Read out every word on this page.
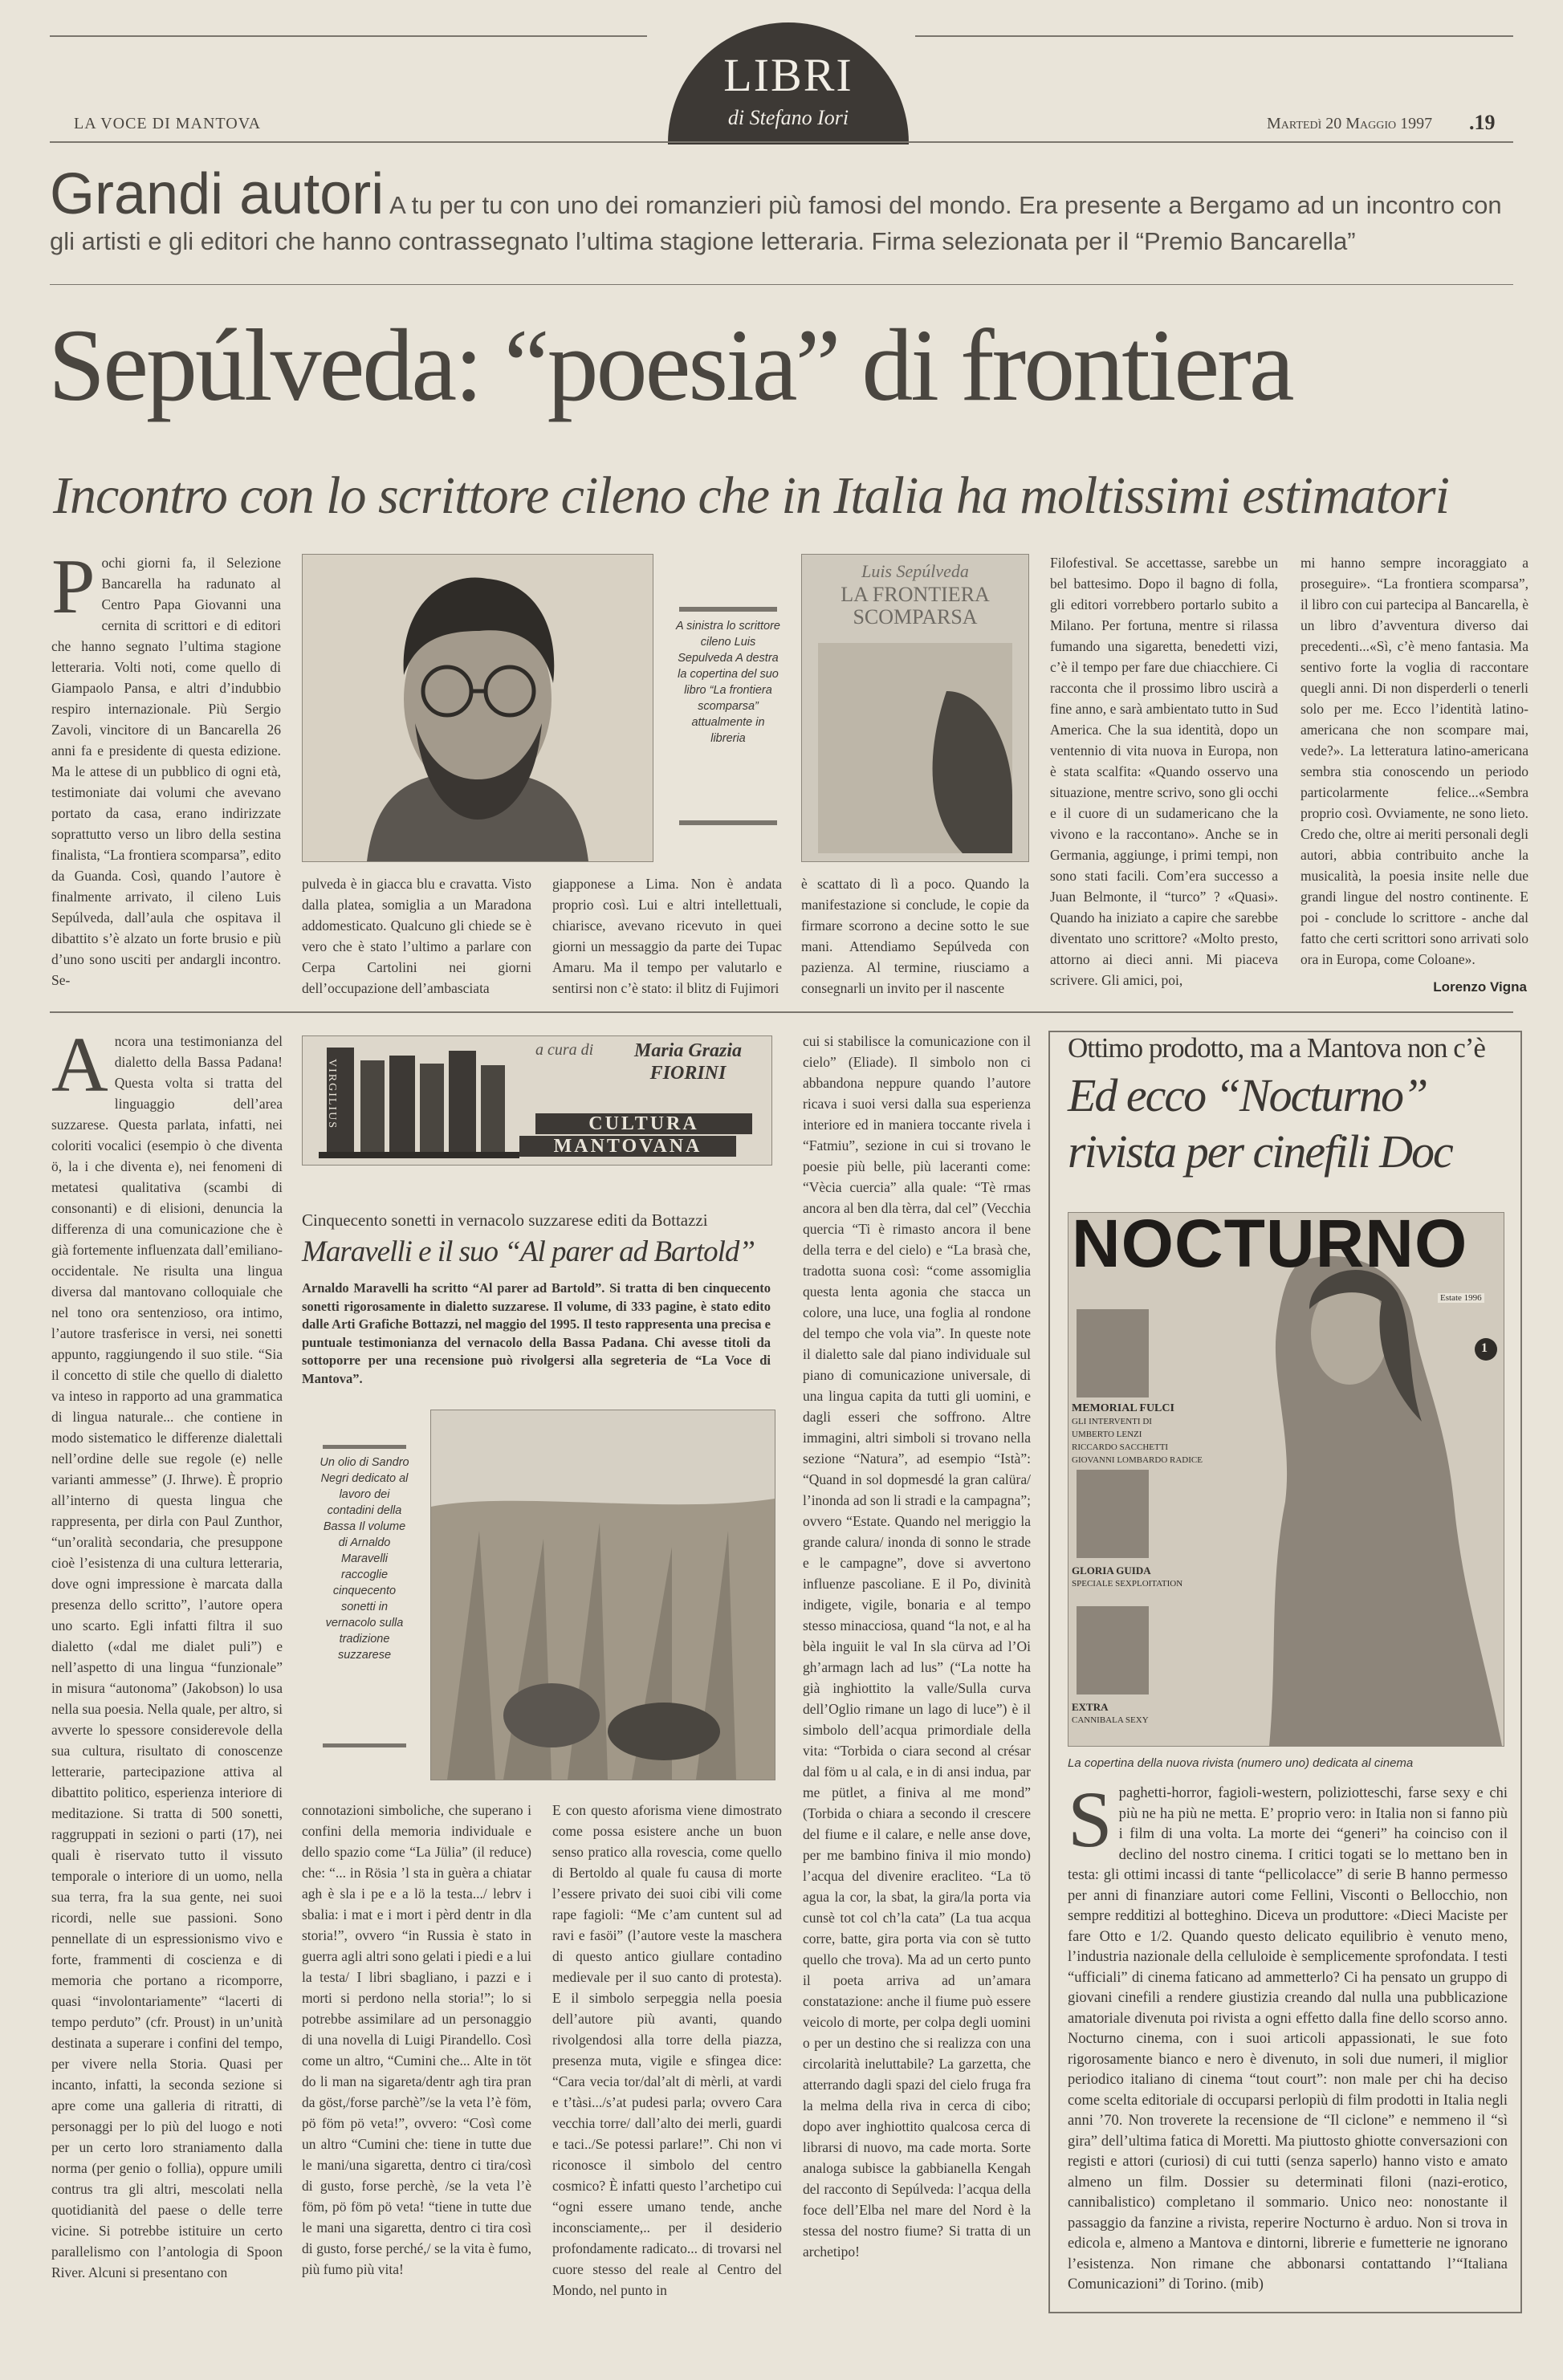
LA VOCE DI MANTOVA
LIBRI
di Stefano Iori	Martedì 20 Maggio 1997 .19
Grandi autori A tu per tu con uno dei romanzieri più famosi del mondo. Era presente a Bergamo ad un incontro con gli artisti e gli editori che hanno contrassegnato l’ultima stagione letteraria. Firma selezionata per il “Premio Bancarella”
Sepúlveda: “poesia” di frontiera
Incontro con lo scrittore cileno che in Italia ha moltissimi estimatori
P ochi giorni fa, il Selezione Bancarella ha radunato al Centro Papa Giovanni una cernita di scrittori e di editori che hanno segnato l’ultima stagione letteraria. Volti noti, come quello di Giampaolo Pansa, e altri d’indubbio respiro internazionale. Più Sergio Zavoli, vincitore di un Bancarella 26 anni fa e presidente di questa edizione. Ma le attese di un pubblico di ogni età, testimoniate dai volumi che avevano portato da casa, erano indirizzate soprattutto verso un libro della sestina finalista, “La frontiera scomparsa”, edito da Guanda. Così, quando l’autore è finalmente arrivato, il cileno Luis Sepúlveda, dall’aula che ospitava il dibattito s’è alzato un forte brusio e più d’uno sono usciti per andargli incontro. Se-
A sinistra lo scrittore cileno Luis Sepulveda A destra la copertina del suo libro “La frontiera scomparsa” attualmente in libreria
Luis Sepúlveda
LA FRONTIERA SCOMPARSA
pulveda è in giacca blu e cravatta. Visto dalla platea, somiglia a un Maradona addomesticato. Qualcuno gli chiede se è vero che è stato l’ultimo a parlare con Cerpa Cartolini nei giorni dell’occupazione dell’ambasciata
giapponese a Lima. Non è andata proprio così. Lui e altri intellettuali, chiarisce, avevano ricevuto in quei giorni un messaggio da parte dei Tupac Amaru. Ma il tempo per valutarlo e sentirsi non c’è stato: il blitz di Fujimori
è scattato di lì a poco. Quando la manifestazione si conclude, le copie da firmare scorrono a decine sotto le sue mani. Attendiamo Sepúlveda con pazienza. Al termine, riusciamo a consegnarli un invito per il nascente
Filofestival. Se accettasse, sarebbe un bel battesimo. Dopo il bagno di folla, gli editori vorrebbero portarlo subito a Milano. Per fortuna, mentre si rilassa fumando una sigaretta, benedetti vizi, c’è il tempo per fare due chiacchiere. Ci racconta che il prossimo libro uscirà a fine anno, e sarà ambientato tutto in Sud America. Che la sua identità, dopo un ventennio di vita nuova in Europa, non è stata scalfita: «Quando osservo una situazione, mentre scrivo, sono gli occhi e il cuore di un sudamericano che la vivono e la raccontano». Anche se in Germania, aggiunge, i primi tempi, non sono stati facili. Com’era successo a Juan Belmonte, il “turco” ? «Quasi». Quando ha iniziato a capire che sarebbe diventato uno scrittore? «Molto presto, attorno ai dieci anni. Mi piaceva scrivere. Gli amici, poi,
mi hanno sempre incoraggiato a proseguire». “La frontiera scomparsa”, il libro con cui partecipa al Bancarella, è un libro d’avventura diverso dai precedenti...«Sì, c’è meno fantasia. Ma sentivo forte la voglia di raccontare quegli anni. Di non disperderli o tenerli solo per me. Ecco l’identità latino-americana che non scompare mai, vede?». La letteratura latino-americana sembra stia conoscendo un periodo particolarmente felice...«Sembra proprio così. Ovviamente, ne sono lieto. Credo che, oltre ai meriti personali degli autori, abbia contribuito anche la musicalità, la poesia insite nelle due grandi lingue del nostro continente. E poi - conclude lo scrittore - anche dal fatto che certi scrittori sono arrivati solo ora in Europa, come Coloane».
Lorenzo Vigna
VIRGILIUS
a cura di	Maria Grazia FIORINI
CULTURA
MANTOVANA
A ncora una testimonianza del dialetto della Bassa Padana! Questa volta si tratta del linguaggio dell’area suzzarese. Questa parlata, infatti, nei coloriti vocalici (esempio ò che diventa ö, la i che diventa e), nei fenomeni di metatesi qualitativa (scambi di consonanti) e di elisioni, denuncia la differenza di una comunicazione che è già fortemente influenzata dall’emiliano-occidentale. Ne risulta una lingua diversa dal mantovano colloquiale che nel tono ora sentenzioso, ora intimo, l’autore trasferisce in versi, nei sonetti appunto, raggiungendo il suo stile. “Sia il concetto di stile che quello di dialetto va inteso in rapporto ad una grammatica di lingua naturale... che contiene in modo sistematico le differenze dialettali nell’ordine delle sue regole (e) nelle varianti ammesse” (J. Ihrwe). È proprio all’interno di questa lingua che rappresenta, per dirla con Paul Zunthor, “un’oralità secondaria, che presuppone cioè l’esistenza di una cultura letteraria, dove ogni impressione è marcata dalla presenza dello scritto”, l’autore opera uno scarto. Egli infatti filtra il suo dialetto («dal me dialet puli”) e nell’aspetto di una lingua “funzionale” in misura “autonoma” (Jakobson) lo usa nella sua poesia. Nella quale, per altro, si avverte lo spessore considerevole della sua cultura, risultato di conoscenze letterarie, partecipazione attiva al dibattito politico, esperienza interiore di meditazione. Si tratta di 500 sonetti, raggruppati in sezioni o parti (17), nei quali è riservato tutto il vissuto temporale o interiore di un uomo, nella sua terra, fra la sua gente, nei suoi ricordi, nelle sue passioni. Sono pennellate di un espressionismo vivo e forte, frammenti di coscienza e di memoria che portano a ricomporre, quasi “involontariamente” “lacerti di tempo perduto” (cfr. Proust) in un’unità destinata a superare i confini del tempo, per vivere nella Storia. Quasi per incanto, infatti, la seconda sezione si apre come una galleria di ritratti, di personaggi per lo più del luogo e noti per un certo loro straniamento dalla norma (per genio o follia), oppure umili contrus tra gli altri, mescolati nella quotidianità del paese o delle terre vicine. Si potrebbe istituire un certo parallelismo con l’antologia di Spoon River. Alcuni si presentano con
Cinquecento sonetti in vernacolo suzzarese editi da Bottazzi
Maravelli e il suo “Al parer ad Bartold”
Arnaldo Maravelli ha scritto “Al parer ad Bartold”. Si tratta di ben cinquecento sonetti rigorosamente in dialetto suzzarese. Il volume, di 333 pagine, è stato edito dalle Arti Grafiche Bottazzi, nel maggio del 1995. Il testo rappresenta una precisa e puntuale testimonianza del vernacolo della Bassa Padana. Chi avesse titoli da sottoporre per una recensione può rivolgersi alla segreteria de “La Voce di Mantova”.
Un olio di Sandro Negri dedicato al lavoro dei contadini della Bassa Il volume di Arnaldo Maravelli raccoglie cinquecento sonetti in vernacolo sulla tradizione suzzarese
connotazioni simboliche, che superano i confini della memoria individuale e dello spazio come “La Jülia” (il reduce) che: “... in Rösia ’l sta in guèra a chiatar agh è sla i pe e a lö la testa.../ lebrv i sbalia: i mat e i mort i pèrd dentr in dla storia!”, ovvero “in Russia è stato in guerra agli altri sono gelati i piedi e a lui la testa/ I libri sbagliano, i pazzi e i morti si perdono nella storia!”; lo si potrebbe assimilare ad un personaggio di una novella di Luigi Pirandello. Così come un altro, “Cumini che... Alte in töt do li man na sigareta/dentr agh tira pran da göst,/forse parchè”/se la veta l’è föm, pö föm pö veta!”, ovvero: “Così come un altro “Cumini che: tiene in tutte due le mani/una sigaretta, dentro ci tira/così di gusto, forse perchè, /se la veta l’è föm, pö föm pö veta! “tiene in tutte due le mani una sigaretta, dentro ci tira così di gusto, forse perché,/ se la vita è fumo, più fumo più vita!
E con questo aforisma viene dimostrato come possa esistere anche un buon senso pratico alla rovescia, come quello di Bertoldo al quale fu causa di morte l’essere privato dei suoi cibi vili come rape fagioli: “Me c’am cuntent sul ad ravi e fasöi” (l’autore veste la maschera di questo antico giullare contadino medievale per il suo canto di protesta). E il simbolo serpeggia nella poesia dell’autore più avanti, quando rivolgendosi alla torre della piazza, presenza muta, vigile e sfingea dice: “Cara vecia tor/dal’alt di mèrli, at vardi e t’tàsi.../s’at pudesi parla; ovvero Cara vecchia torre/ dall’alto dei merli, guardi e taci../Se potessi parlare!”. Chi non vi riconosce il simbolo del centro cosmico? È infatti questo l’archetipo cui “ogni essere umano tende, anche inconsciamente,.. per il desiderio profondamente radicato... di trovarsi nel cuore stesso del reale al Centro del Mondo, nel punto in
cui si stabilisce la comunicazione con il cielo” (Eliade). Il simbolo non ci abbandona neppure quando l’autore ricava i suoi versi dalla sua esperienza interiore ed in maniera toccante rivela i “Fatmiu”, sezione in cui si trovano le poesie più belle, più laceranti come: “Vècia cuercia” alla quale: “Tè rmas ancora al ben dla tèrra, dal cel” (Vecchia quercia “Ti è rimasto ancora il bene della terra e del cielo) e “La brasà che, tradotta suona così: “come assomiglia questa lenta agonia che stacca un colore, una luce, una foglia al rondone del tempo che vola via”. In queste note il dialetto sale dal piano individuale sul piano di comunicazione universale, di una lingua capita da tutti gli uomini, e dagli esseri che soffrono. Altre immagini, altri simboli si trovano nella sezione “Natura”, ad esempio “Istà”: “Quand in sol dopmesdé la gran calüra/ l’inonda ad son li stradi e la campagna”; ovvero “Estate. Quando nel meriggio la grande calura/ inonda di sonno le strade e le campagne”, dove si avvertono influenze pascoliane. E il Po, divinità indigete, vigile, bonaria e al tempo stesso minacciosa, quand “la not, e al ha bèla inguiit le val In sla cürva ad l’Oi gh’armagn lach ad lus” (“La notte ha già inghiottito la valle/Sulla curva dell’Oglio rimane un lago di luce”) è il simbolo dell’acqua primordiale della vita: “Torbida o ciara second al crésar dal föm u al cala, e in di ansi indua, par me pütlet, a finiva al me mond” (Torbida o chiara a secondo il crescere del fiume e il calare, e nelle anse dove, per me bambino finiva il mio mondo) l’acqua del divenire eracliteo. “La tö agua la cor, la sbat, la gira/la porta via cunsè tot col ch’la cata” (La tua acqua corre, batte, gira porta via con sè tutto quello che trova). Ma ad un certo punto il poeta arriva ad un’amara constatazione: anche il fiume può essere veicolo di morte, per colpa degli uomini o per un destino che si realizza con una circolarità ineluttabile? La garzetta, che atterrando dagli spazi del cielo fruga fra la melma della riva in cerca di cibo; dopo aver inghiottito qualcosa cerca di librarsi di nuovo, ma cade morta. Sorte analoga subisce la gabbianella Kengah del racconto di Sepúlveda: l’acqua della foce dell’Elba nel mare del Nord è la stessa del nostro fiume? Si tratta di un archetipo!
Ottimo prodotto, ma a Mantova non c’è
Ed ecco “Nocturno” rivista per cinefili Doc
NOCTURNO
Estate 1996
1
MEMORIAL FULCI
GLI INTERVENTI DI
UMBERTO LENZI
RICCARDO SACCHETTI
GIOVANNI LOMBARDO RADICE
GLORIA GUIDA
SPECIALE SEXPLOITATION
EXTRA
CANNIBALA SEXY
La copertina della nuova rivista (numero uno) dedicata al cinema
S paghetti-horror, fagioli-western, poliziotteschi, farse sexy e chi più ne ha più ne metta. E’ proprio vero: in Italia non si fanno più i film di una volta. La morte dei “generi” ha coinciso con il declino del nostro cinema. I critici togati se lo mettano ben in testa: gli ottimi incassi di tante “pellicolacce” di serie B hanno permesso per anni di finanziare autori come Fellini, Visconti o Bellocchio, non sempre redditizi al botteghino. Diceva un produttore: «Dieci Maciste per fare Otto e 1/2. Quando questo delicato equilibrio è venuto meno, l’industria nazionale della celluloide è semplicemente sprofondata. I testi “ufficiali” di cinema faticano ad ammetterlo? Ci ha pensato un gruppo di giovani cinefili a rendere giustizia creando dal nulla una pubblicazione amatoriale divenuta poi rivista a ogni effetto dalla fine dello scorso anno. Nocturno cinema, con i suoi articoli appassionati, le sue foto rigorosamente bianco e nero è divenuto, in soli due numeri, il miglior periodico italiano di cinema “tout court”: non male per chi ha deciso come scelta editoriale di occuparsi perlopiù di film prodotti in Italia negli anni ’70. Non troverete la recensione de “Il ciclone” e nemmeno il “sì gira” dell’ultima fatica di Moretti. Ma piuttosto ghiotte conversazioni con registi e attori (curiosi) di cui tutti (senza saperlo) hanno visto e amato almeno un film. Dossier su determinati filoni (nazi-erotico, cannibalistico) completano il sommario. Unico neo: nonostante il passaggio da fanzine a rivista, reperire Nocturno è arduo. Non si trova in edicola e, almeno a Mantova e dintorni, librerie e fumetterie ne ignorano l’esistenza. Non rimane che abbonarsi contattando l’“Italiana Comunicazioni” di Torino. (mib)
